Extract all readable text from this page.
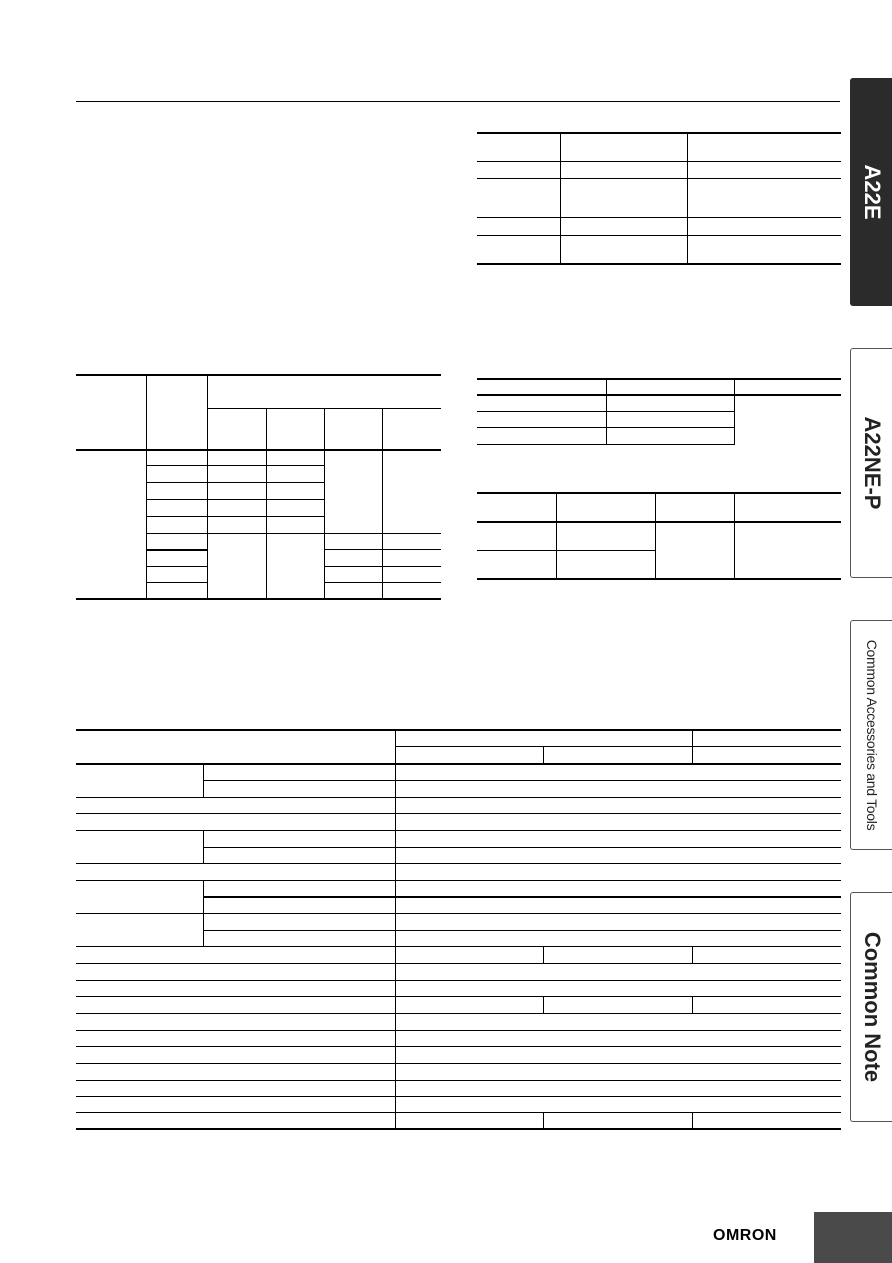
A22E
A22NE-P
Common Accessories and Tools
Common Note
OMRON
